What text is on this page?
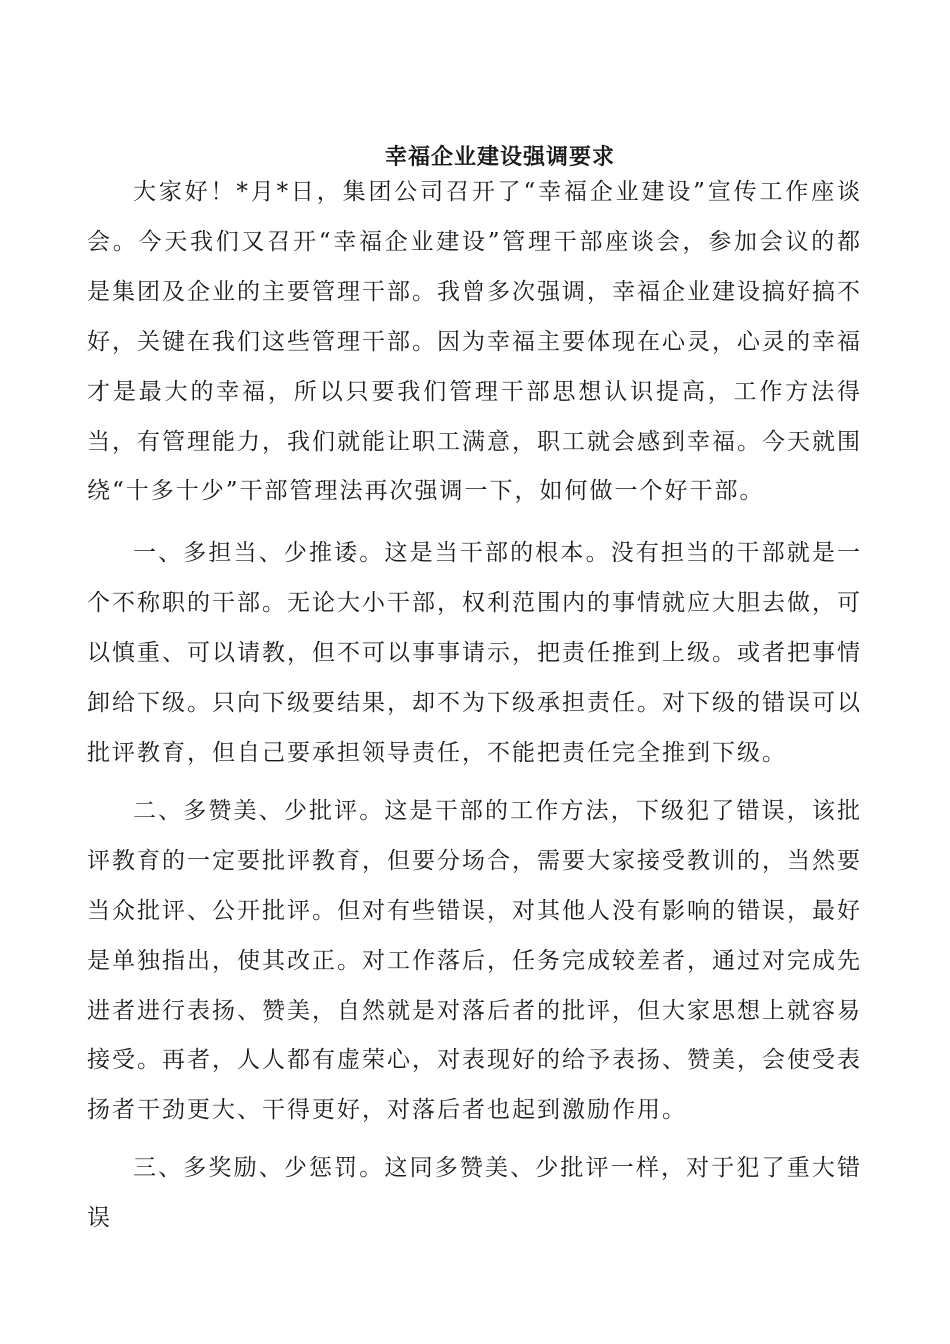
幸福企业建设强调要求

大家好！*月*日，集团公司召开了“幸福企业建设”宣传工作座谈会。今天我们又召开“幸福企业建设”管理干部座谈会，参加会议的都是集团及企业的主要管理干部。我曾多次强调，幸福企业建设搞好搞不好，关键在我们这些管理干部。因为幸福主要体现在心灵，心灵的幸福才是最大的幸福，所以只要我们管理干部思想认识提高，工作方法得当，有管理能力，我们就能让职工满意，职工就会感到幸福。今天就围绕“十多十少”干部管理法再次强调一下，如何做一个好干部。

一、多担当、少推诿。这是当干部的根本。没有担当的干部就是一个不称职的干部。无论大小干部，权利范围内的事情就应大胆去做，可以慎重、可以请教，但不可以事事请示，把责任推到上级。或者把事情卸给下级。只向下级要结果，却不为下级承担责任。对下级的错误可以批评教育，但自己要承担领导责任，不能把责任完全推到下级。

二、多赞美、少批评。这是干部的工作方法，下级犯了错误，该批评教育的一定要批评教育，但要分场合，需要大家接受教训的，当然要当众批评、公开批评。但对有些错误，对其他人没有影响的错误，最好是单独指出，使其改正。对工作落后，任务完成较差者，通过对完成先进者进行表扬、赞美，自然就是对落后者的批评，但大家思想上就容易接受。再者，人人都有虚荣心，对表现好的给予表扬、赞美，会使受表扬者干劲更大、干得更好，对落后者也起到激励作用。

三、多奖励、少惩罚。这同多赞美、少批评一样，对于犯了重大错误
